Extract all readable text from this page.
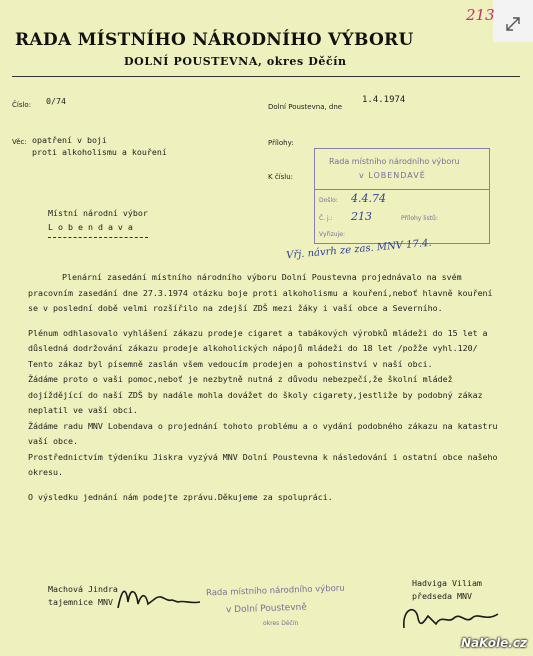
213
RADA MÍSTNÍHO NÁRODNÍHO VÝBORU
DOLNÍ POUSTEVNA, okres Děčín
Číslo: 0/74
Dolní Poustevna, dne
1.4.1974
Věc: opatření v boji
proti alkoholismu a kouření
Přílohy:
K číslu:
Rada místního národního výboru
v LOBENDAVĚ
Došlo: 4.4.74
Č. j.: 213	Přílohy listů:
Vyřizuje:
Místní národní výbor
L o b e n d a v a
Vřj. návrh ze zas. MNV 17.4.

Plenární zasedání místního národního výboru Dolní Poustevna projednávalo na svém pracovním zasedání dne 27.3.1974 otázku boje proti alkoholismu a kouření,neboť hlavně kouření se v poslední době velmi rozšířilo na zdejší ZDŠ mezi žáky i vaší obce a Severního.

Plénum odhlasovalo vyhlášení zákazu prodeje cigaret a tabákových výrobků mládeži do 15 let a důsledná dodržování zákazu prodeje alkoholických nápojů mládeži do 18 let /požže vyhl.120/ Tento zákaz byl písemně zaslán všem vedoucím prodejen a pohostinství v naší obci.

Žádáme proto o vaši pomoc,neboť je nezbytně nutná z důvodu nebezpečí,že školní mládež dojíždějící do naší ZDŠ by nadále mohla dovážet do školy cigarety,jestliže by podobný zákaz neplatil ve vaší obci.

Žádáme radu MNV Lobendava o projednání tohoto problému a o vydání podobného zákazu na katastru vaší obce.

Prostřednictvím týdeníku Jiskra vyzývá MNV Dolní Poustevna k následování i ostatní obce našeho okresu.

O výsledku jednání nám podejte zprávu.Děkujeme za spolupráci.

Machová Jindra
tajemnice MNV
Rada místního národního výboru
v Dolní Poustevně
okres Děčín
Hadviga Viliam
předseda MNV
NaKole.cz
